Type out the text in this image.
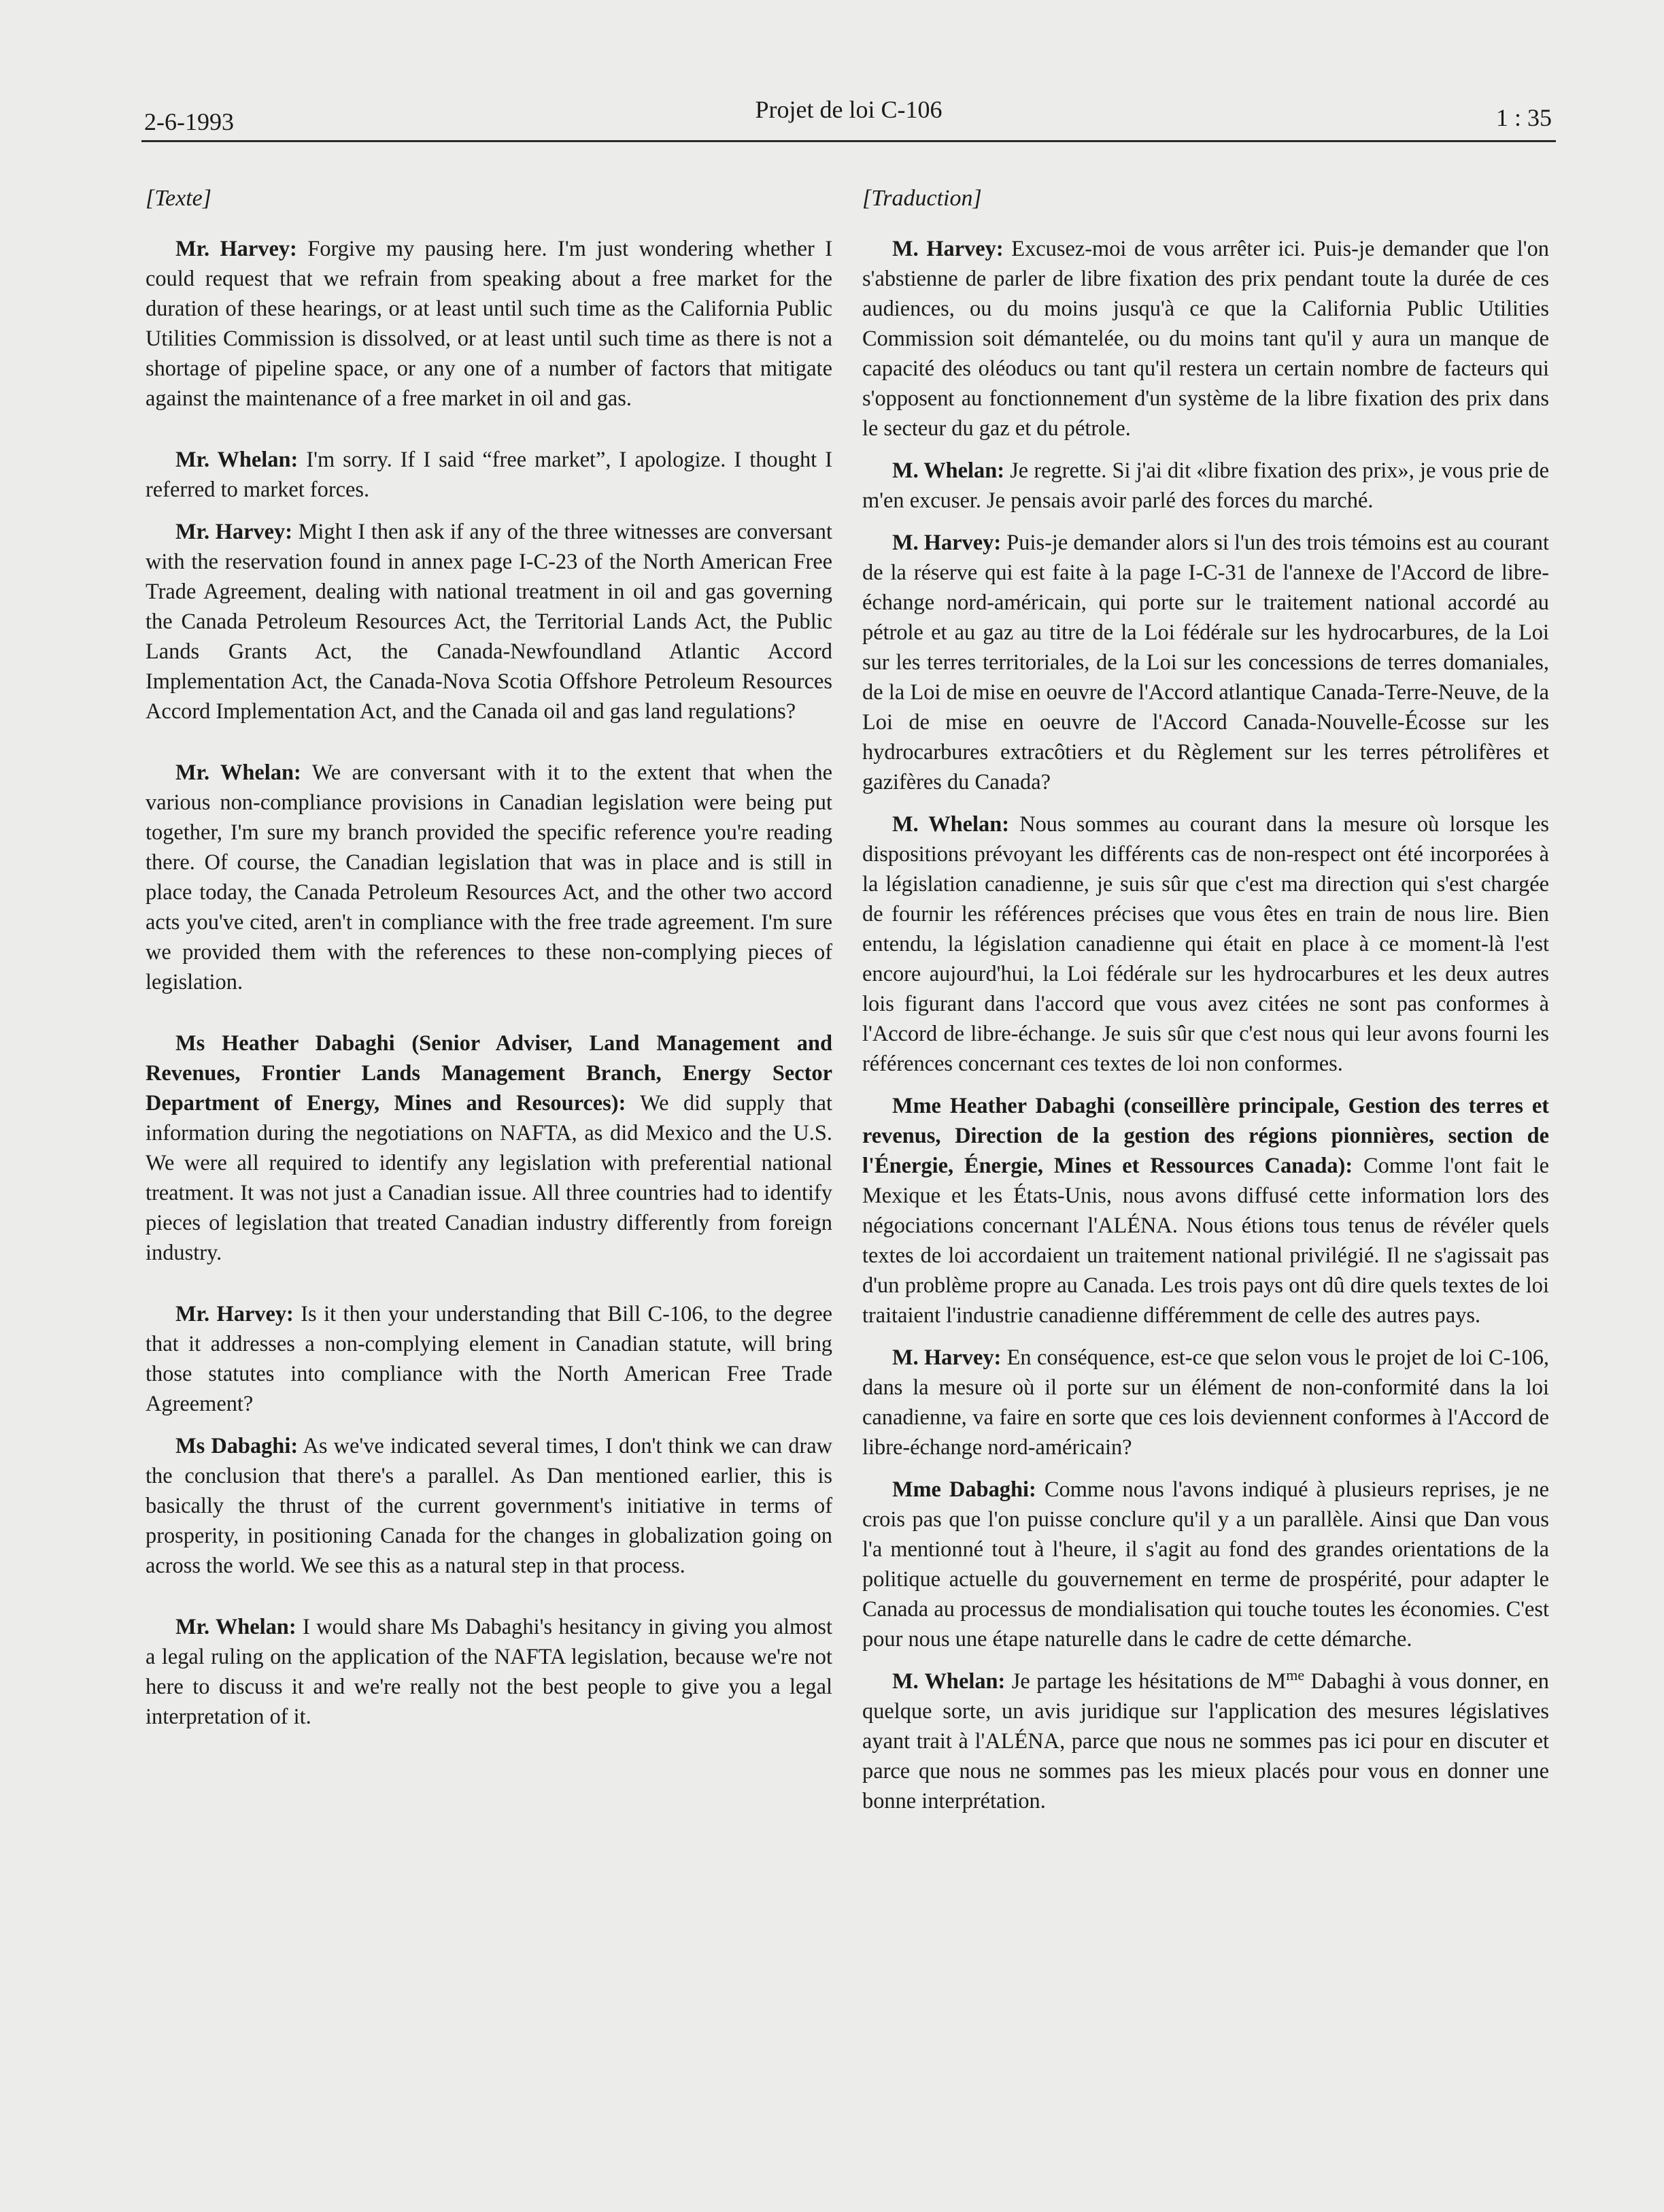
2-6-1993	Projet de loi C-106	1 : 35
[Texte]

Mr. Harvey: Forgive my pausing here. I'm just wondering whether I could request that we refrain from speaking about a free market for the duration of these hearings, or at least until such time as the California Public Utilities Commission is dissolved, or at least until such time as there is not a shortage of pipeline space, or any one of a number of factors that mitigate against the maintenance of a free market in oil and gas.

Mr. Whelan: I'm sorry. If I said “free market”, I apologize. I thought I referred to market forces.

Mr. Harvey: Might I then ask if any of the three witnesses are conversant with the reservation found in annex page I-C-23 of the North American Free Trade Agreement, dealing with national treatment in oil and gas governing the Canada Petroleum Resources Act, the Territorial Lands Act, the Public Lands Grants Act, the Canada-Newfoundland Atlantic Accord Implementation Act, the Canada-Nova Scotia Offshore Petroleum Resources Accord Implementation Act, and the Canada oil and gas land regulations?

Mr. Whelan: We are conversant with it to the extent that when the various non-compliance provisions in Canadian legislation were being put together, I'm sure my branch provided the specific reference you're reading there. Of course, the Canadian legislation that was in place and is still in place today, the Canada Petroleum Resources Act, and the other two accord acts you've cited, aren't in compliance with the free trade agreement. I'm sure we provided them with the references to these non-complying pieces of legislation.

Ms Heather Dabaghi (Senior Adviser, Land Management and Revenues, Frontier Lands Management Branch, Energy Sector Department of Energy, Mines and Resources): We did supply that information during the negotiations on NAFTA, as did Mexico and the U.S. We were all required to identify any legislation with preferential national treatment. It was not just a Canadian issue. All three countries had to identify pieces of legislation that treated Canadian industry differently from foreign industry.

Mr. Harvey: Is it then your understanding that Bill C-106, to the degree that it addresses a non-complying element in Canadian statute, will bring those statutes into compliance with the North American Free Trade Agreement?

Ms Dabaghi: As we've indicated several times, I don't think we can draw the conclusion that there's a parallel. As Dan mentioned earlier, this is basically the thrust of the current government's initiative in terms of prosperity, in positioning Canada for the changes in globalization going on across the world. We see this as a natural step in that process.

Mr. Whelan: I would share Ms Dabaghi's hesitancy in giving you almost a legal ruling on the application of the NAFTA legislation, because we're not here to discuss it and we're really not the best people to give you a legal interpretation of it.

[Traduction]

M. Harvey: Excusez-moi de vous arrêter ici. Puis-je demander que l'on s'abstienne de parler de libre fixation des prix pendant toute la durée de ces audiences, ou du moins jusqu'à ce que la California Public Utilities Commission soit démantelée, ou du moins tant qu'il y aura un manque de capacité des oléoducs ou tant qu'il restera un certain nombre de facteurs qui s'opposent au fonctionnement d'un système de la libre fixation des prix dans le secteur du gaz et du pétrole.

M. Whelan: Je regrette. Si j'ai dit «libre fixation des prix», je vous prie de m'en excuser. Je pensais avoir parlé des forces du marché.

M. Harvey: Puis-je demander alors si l'un des trois témoins est au courant de la réserve qui est faite à la page I-C-31 de l'annexe de l'Accord de libre-échange nord-américain, qui porte sur le traitement national accordé au pétrole et au gaz au titre de la Loi fédérale sur les hydrocarbures, de la Loi sur les terres territoriales, de la Loi sur les concessions de terres domaniales, de la Loi de mise en oeuvre de l'Accord atlantique Canada-Terre-Neuve, de la Loi de mise en oeuvre de l'Accord Canada-Nouvelle-Écosse sur les hydrocarbures extracôtiers et du Règlement sur les terres pétrolifères et gazifères du Canada?

M. Whelan: Nous sommes au courant dans la mesure où lorsque les dispositions prévoyant les différents cas de non-respect ont été incorporées à la législation canadienne, je suis sûr que c'est ma direction qui s'est chargée de fournir les références précises que vous êtes en train de nous lire. Bien entendu, la législation canadienne qui était en place à ce moment-là l'est encore aujourd'hui, la Loi fédérale sur les hydrocarbures et les deux autres lois figurant dans l'accord que vous avez citées ne sont pas conformes à l'Accord de libre-échange. Je suis sûr que c'est nous qui leur avons fourni les références concernant ces textes de loi non conformes.

Mme Heather Dabaghi (conseillère principale, Gestion des terres et revenus, Direction de la gestion des régions pionnières, section de l'Énergie, Énergie, Mines et Ressources Canada): Comme l'ont fait le Mexique et les États-Unis, nous avons diffusé cette information lors des négociations concernant l'ALÉNA. Nous étions tous tenus de révéler quels textes de loi accordaient un traitement national privilégié. Il ne s'agissait pas d'un problème propre au Canada. Les trois pays ont dû dire quels textes de loi traitaient l'industrie canadienne différemment de celle des autres pays.

M. Harvey: En conséquence, est-ce que selon vous le projet de loi C-106, dans la mesure où il porte sur un élément de non-conformité dans la loi canadienne, va faire en sorte que ces lois deviennent conformes à l'Accord de libre-échange nord-américain?

Mme Dabaghi: Comme nous l'avons indiqué à plusieurs reprises, je ne crois pas que l'on puisse conclure qu'il y a un parallèle. Ainsi que Dan vous l'a mentionné tout à l'heure, il s'agit au fond des grandes orientations de la politique actuelle du gouvernement en terme de prospérité, pour adapter le Canada au processus de mondialisation qui touche toutes les économies. C'est pour nous une étape naturelle dans le cadre de cette démarche.

M. Whelan: Je partage les hésitations de $M^{me}$ Dabaghi à vous donner, en quelque sorte, un avis juridique sur l'application des mesures législatives ayant trait à l'ALÉNA, parce que nous ne sommes pas ici pour en discuter et parce que nous ne sommes pas les mieux placés pour vous en donner une bonne interprétation.
